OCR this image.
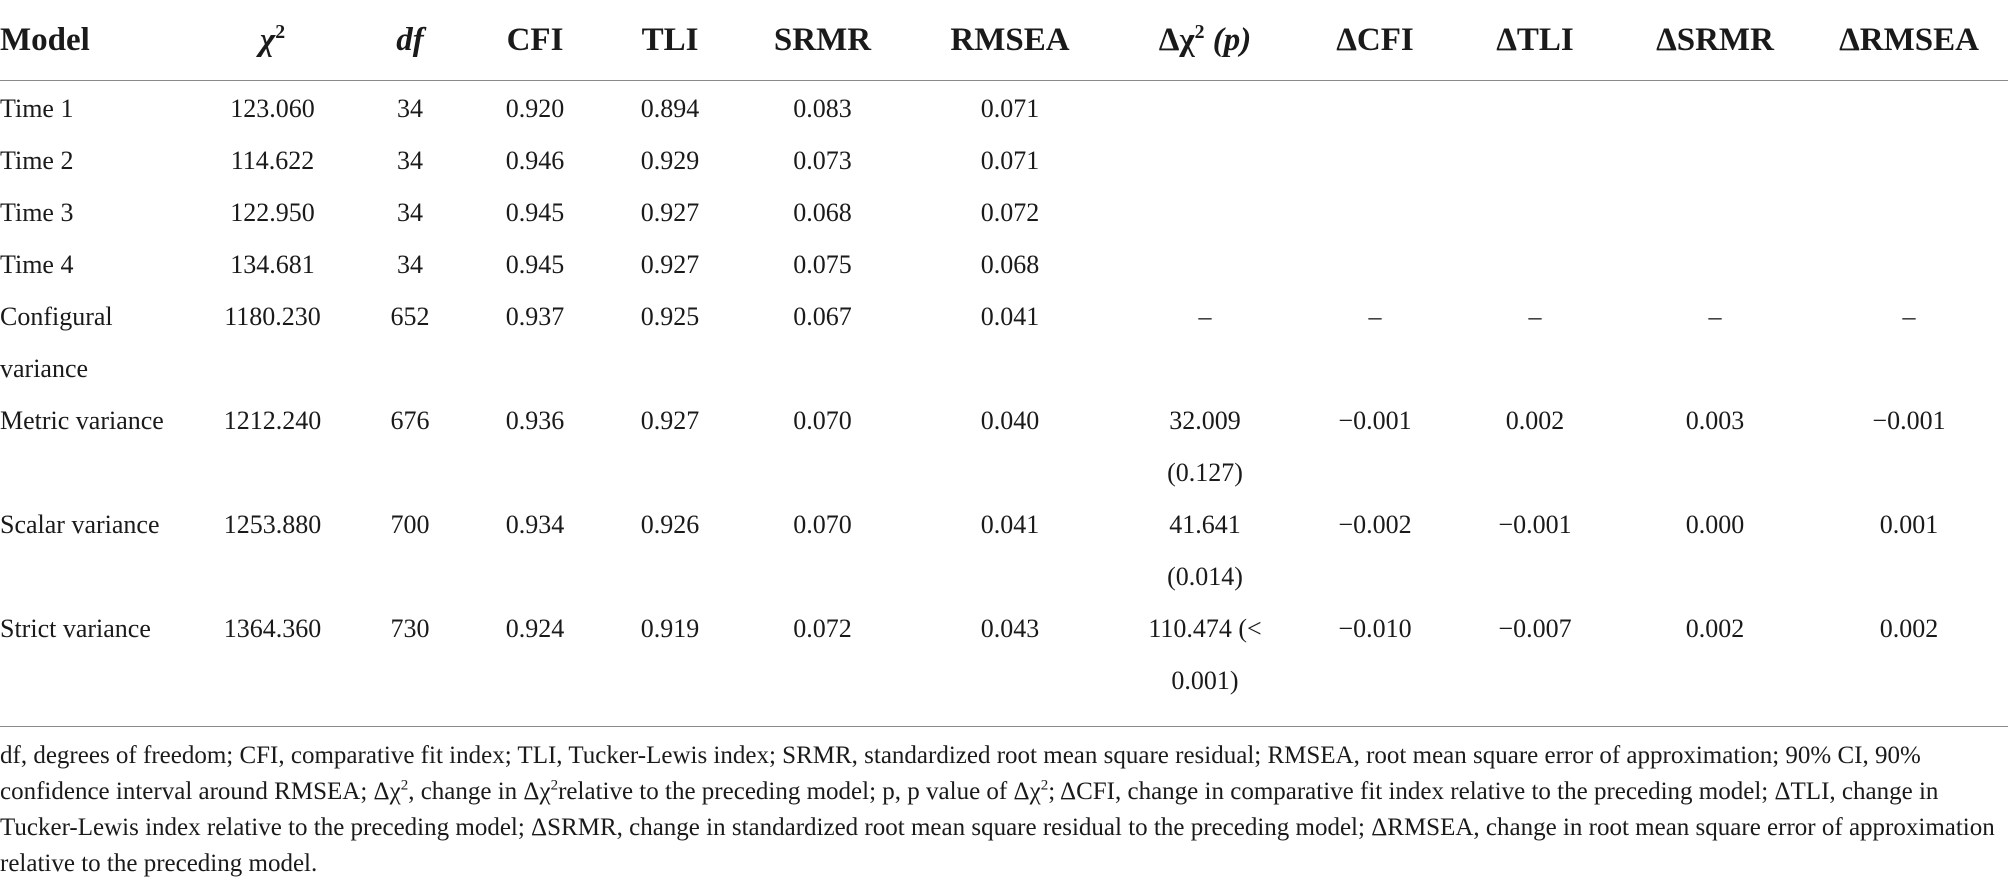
Model	$\chi^2$	df	CFI	TLI	SRMR	RMSEA	$\Delta\chi^2$ (p)	ΔCFI	ΔTLI	ΔSRMR	ΔRMSEA
Time 1	123.060	34	0.920	0.894	0.083	0.071					
Time 2	114.622	34	0.946	0.929	0.073	0.071					
Time 3	122.950	34	0.945	0.927	0.068	0.072					
Time 4	134.681	34	0.945	0.927	0.075	0.068					
Configural variance	1180.230	652	0.937	0.925	0.067	0.041	–	–	–	–	–
Metric variance	1212.240	676	0.936	0.927	0.070	0.040	32.009 (0.127)	−0.001	0.002	0.003	−0.001
Scalar variance	1253.880	700	0.934	0.926	0.070	0.041	41.641 (0.014)	−0.002	−0.001	0.000	0.001
Strict variance	1364.360	730	0.924	0.919	0.072	0.043	110.474 (< 0.001)	−0.010	−0.007	0.002	0.002
df, degrees of freedom; CFI, comparative fit index; TLI, Tucker-Lewis index; SRMR, standardized root mean square residual; RMSEA, root mean square error of approximation; 90% CI, 90% confidence interval around RMSEA; $\Delta\chi^2$, change in $\Delta\chi^2relative$ to the preceding model; p, p value of $\Delta\chi^2$; ΔCFI, change in comparative fit index relative to the preceding model; ΔTLI, change in Tucker-Lewis index relative to the preceding model; ΔSRMR, change in standardized root mean square residual to the preceding model; ΔRMSEA, change in root mean square error of approximation relative to the preceding model.
